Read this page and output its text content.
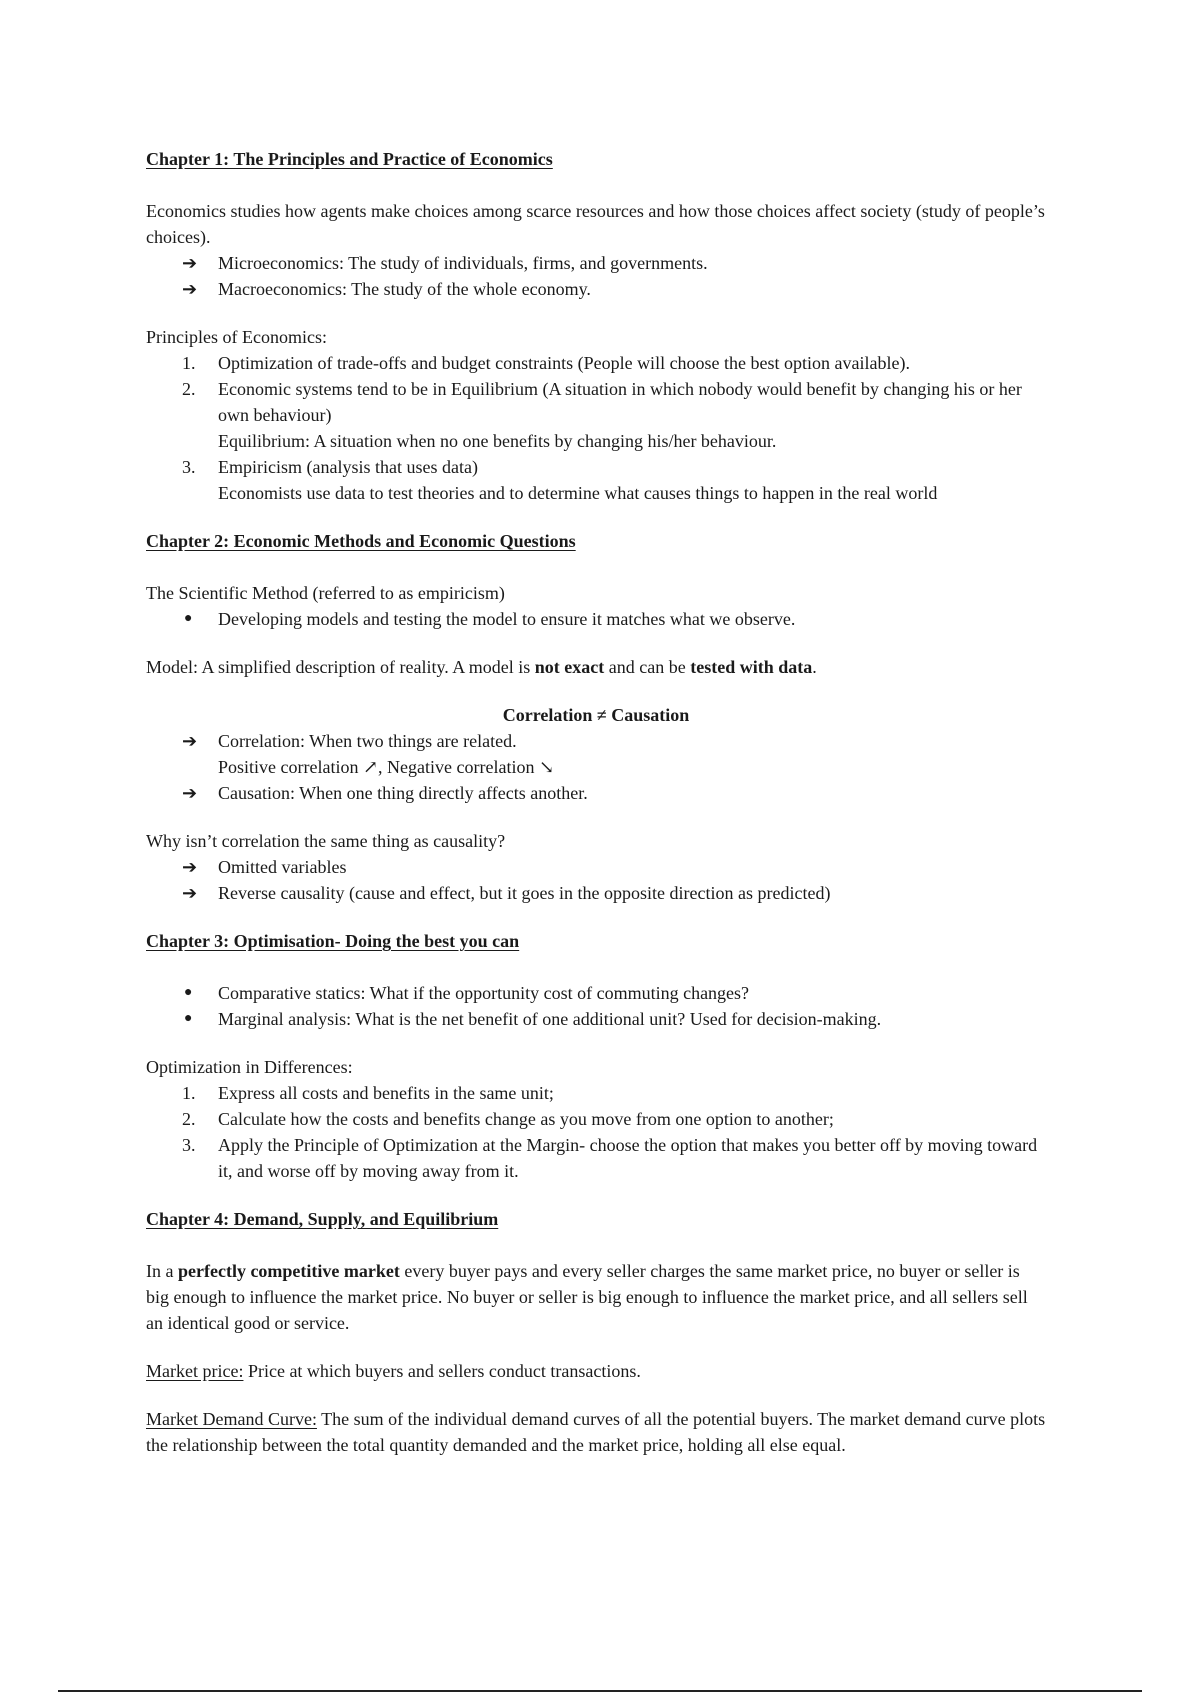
Chapter 1: The Principles and Practice of Economics

Economics studies how agents make choices among scarce resources and how those choices affect society (study of people’s choices).

➔	Microeconomics: The study of individuals, firms, and governments.
➔	Macroeconomics: The study of the whole economy.

Principles of Economics:

1.	Optimization of trade-offs and budget constraints (People will choose the best option available).
2.	Economic systems tend to be in Equilibrium (A situation in which nobody would benefit by changing his or her own behaviour)
Equilibrium: A situation when no one benefits by changing his/her behaviour.
3.	Empiricism (analysis that uses data)
Economists use data to test theories and to determine what causes things to happen in the real world

Chapter 2: Economic Methods and Economic Questions

The Scientific Method (referred to as empiricism)

●	Developing models and testing the model to ensure it matches what we observe.

Model: A simplified description of reality. A model is not exact and can be tested with data.

Correlation ≠ Causation

➔	Correlation: When two things are related.
Positive correlation ↗, Negative correlation ↘
➔	Causation: When one thing directly affects another.

Why isn’t correlation the same thing as causality?

➔	Omitted variables
➔	Reverse causality (cause and effect, but it goes in the opposite direction as predicted)

Chapter 3: Optimisation- Doing the best you can

●	Comparative statics: What if the opportunity cost of commuting changes?
●	Marginal analysis: What is the net benefit of one additional unit? Used for decision-making.

Optimization in Differences:

1.	Express all costs and benefits in the same unit;
2.	Calculate how the costs and benefits change as you move from one option to another;
3.	Apply the Principle of Optimization at the Margin- choose the option that makes you better off by moving toward it, and worse off by moving away from it.

Chapter 4: Demand, Supply, and Equilibrium

In a perfectly competitive market every buyer pays and every seller charges the same market price, no buyer or seller is big enough to influence the market price. No buyer or seller is big enough to influence the market price, and all sellers sell an identical good or service.

Market price: Price at which buyers and sellers conduct transactions.

Market Demand Curve: The sum of the individual demand curves of all the potential buyers. The market demand curve plots the relationship between the total quantity demanded and the market price, holding all else equal.
